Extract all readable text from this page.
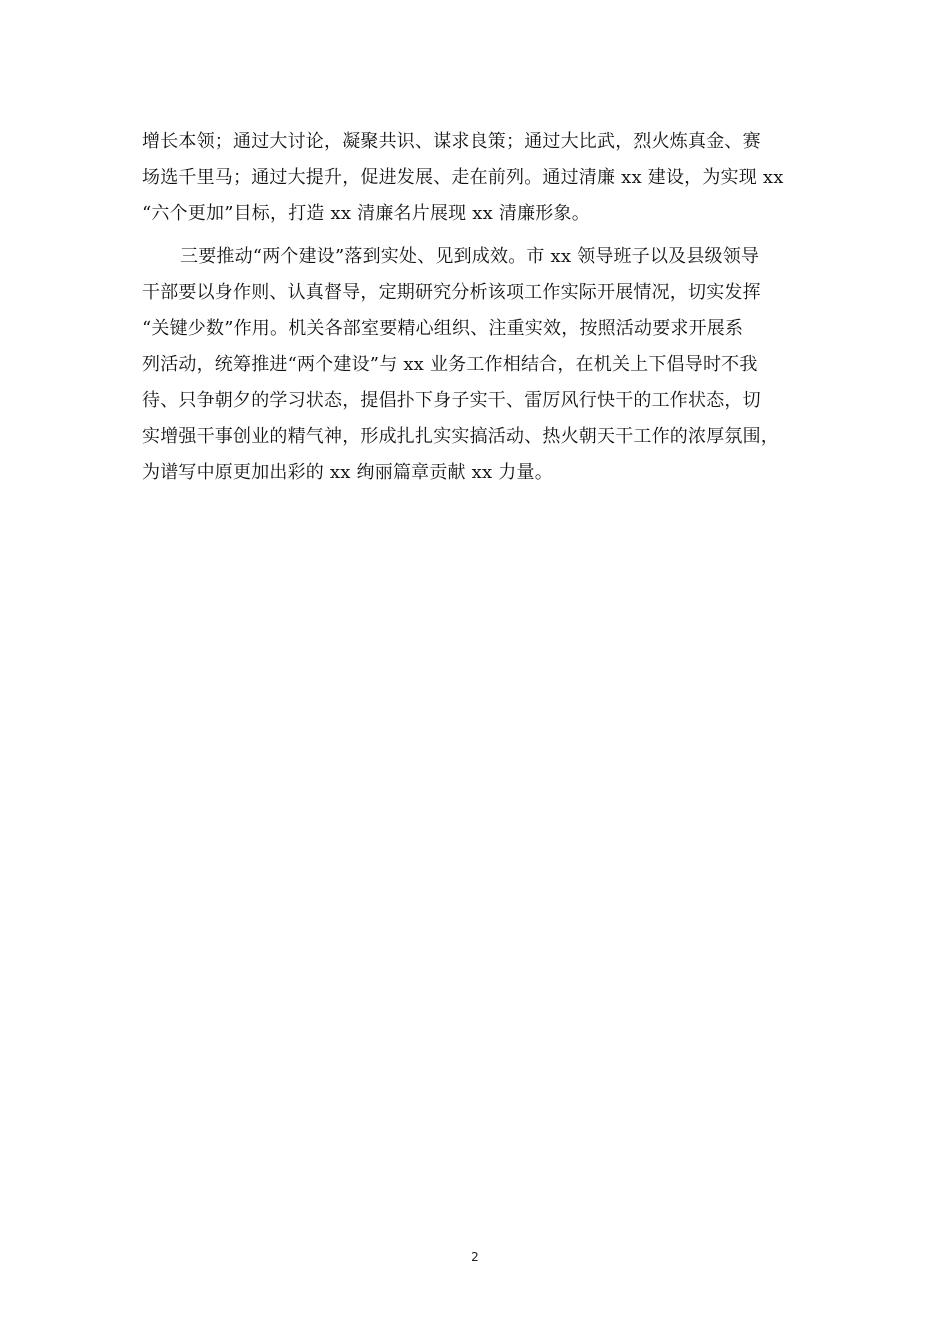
增长本领；通过大讨论，凝聚共识、谋求良策；通过大比武，烈火炼真金、赛
场选千里马；通过大提升，促进发展、走在前列。通过清廉 xx 建设，为实现 xx
“六个更加”目标，打造 xx 清廉名片展现 xx 清廉形象。
三要推动“两个建设”落到实处、见到成效。市 xx 领导班子以及县级领导
干部要以身作则、认真督导，定期研究分析该项工作实际开展情况，切实发挥
“关键少数”作用。机关各部室要精心组织、注重实效，按照活动要求开展系
列活动，统筹推进“两个建设”与 xx 业务工作相结合，在机关上下倡导时不我
待、只争朝夕的学习状态，提倡扑下身子实干、雷厉风行快干的工作状态，切
实增强干事创业的精气神，形成扎扎实实搞活动、热火朝天干工作的浓厚氛围，
为谱写中原更加出彩的 xx 绚丽篇章贡献 xx 力量。
2
